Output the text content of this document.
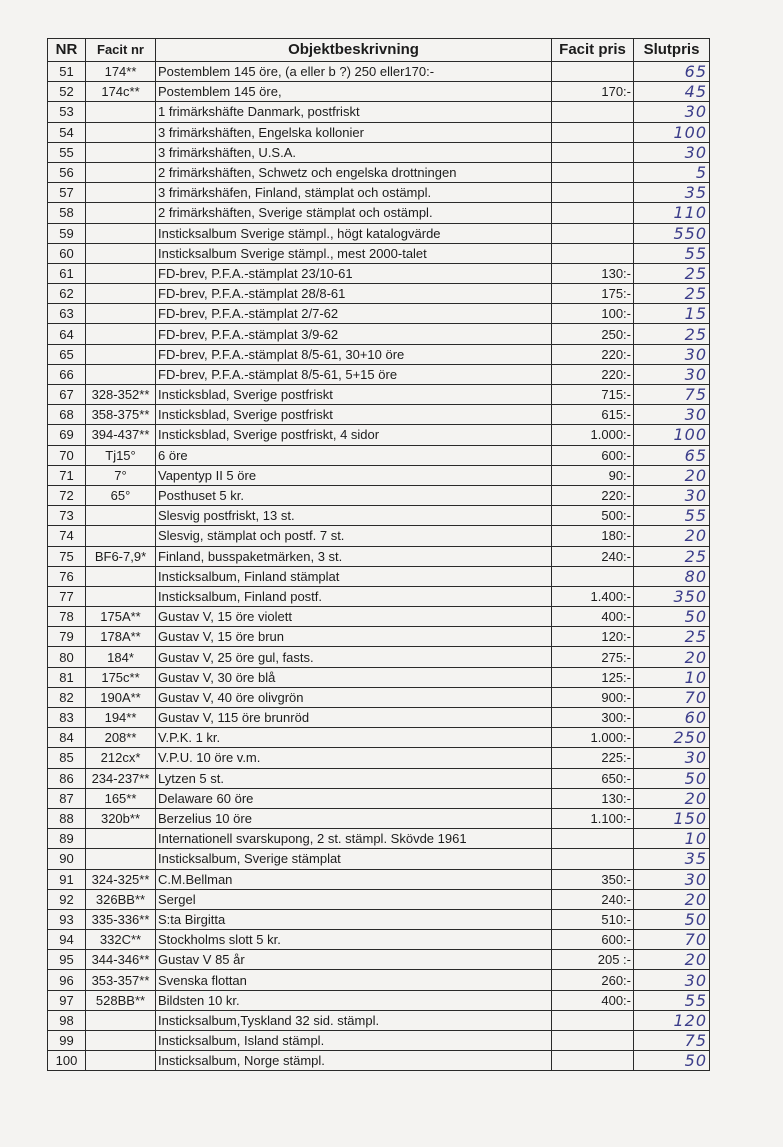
NR	Facit nr	Objektbeskrivning	Facit pris	Slutpris
51	174**	Postemblem 145 öre, (a eller b ?) 250 eller170:-		65
52	174c**	Postemblem 145 öre,	170:-	45
53		1 frimärkshäfte Danmark, postfriskt		30
54		3 frimärkshäften, Engelska kollonier		100
55		3 frimärkshäften, U.S.A.		30
56		2 frimärkshäften, Schwetz och engelska drottningen		5
57		3 frimärkshäfen, Finland, stämplat och ostämpl.		35
58		2 frimärkshäften, Sverige stämplat och ostämpl.		110
59		Insticksalbum Sverige stämpl., högt katalogvärde		550
60		Insticksalbum Sverige stämpl., mest 2000-talet		55
61		FD-brev, P.F.A.-stämplat 23/10-61	130:-	25
62		FD-brev, P.F.A.-stämplat 28/8-61	175:-	25
63		FD-brev, P.F.A.-stämplat 2/7-62	100:-	15
64		FD-brev, P.F.A.-stämplat 3/9-62	250:-	25
65		FD-brev, P.F.A.-stämplat 8/5-61, 30+10 öre	220:-	30
66		FD-brev, P.F.A.-stämplat 8/5-61, 5+15 öre	220:-	30
67	328-352**	Insticksblad, Sverige postfriskt	715:-	75
68	358-375**	Insticksblad, Sverige postfriskt	615:-	30
69	394-437**	Insticksblad, Sverige postfriskt, 4 sidor	1.000:-	100
70	Tj15°	6 öre	600:-	65
71	7°	Vapentyp II 5 öre	90:-	20
72	65°	Posthuset 5 kr.	220:-	30
73		Slesvig postfriskt, 13 st.	500:-	55
74		Slesvig, stämplat och postf. 7 st.	180:-	20
75	BF6-7,9*	Finland, busspaketmärken, 3 st.	240:-	25
76		Insticksalbum, Finland stämplat		80
77		Insticksalbum, Finland postf.	1.400:-	350
78	175A**	Gustav V, 15 öre violett	400:-	50
79	178A**	Gustav V, 15 öre brun	120:-	25
80	184*	Gustav V, 25 öre gul, fasts.	275:-	20
81	175c**	Gustav V, 30 öre blå	125:-	10
82	190A**	Gustav V, 40 öre olivgrön	900:-	70
83	194**	Gustav V, 115 öre brunröd	300:-	60
84	208**	V.P.K. 1 kr.	1.000:-	250
85	212cx*	V.P.U. 10 öre v.m.	225:-	30
86	234-237**	Lytzen 5 st.	650:-	50
87	165**	Delaware 60 öre	130:-	20
88	320b**	Berzelius 10 öre	1.100:-	150
89		Internationell svarskupong, 2 st. stämpl. Skövde 1961		10
90		Insticksalbum, Sverige stämplat		35
91	324-325**	C.M.Bellman	350:-	30
92	326BB**	Sergel	240:-	20
93	335-336**	S:ta Birgitta	510:-	50
94	332C**	Stockholms slott 5 kr.	600:-	70
95	344-346**	Gustav V 85 år	205 :-	20
96	353-357**	Svenska flottan	260:-	30
97	528BB**	Bildsten 10 kr.	400:-	55
98		Insticksalbum,Tyskland 32 sid. stämpl.		120
99		Insticksalbum, Island stämpl.		75
100		Insticksalbum, Norge stämpl.		50
